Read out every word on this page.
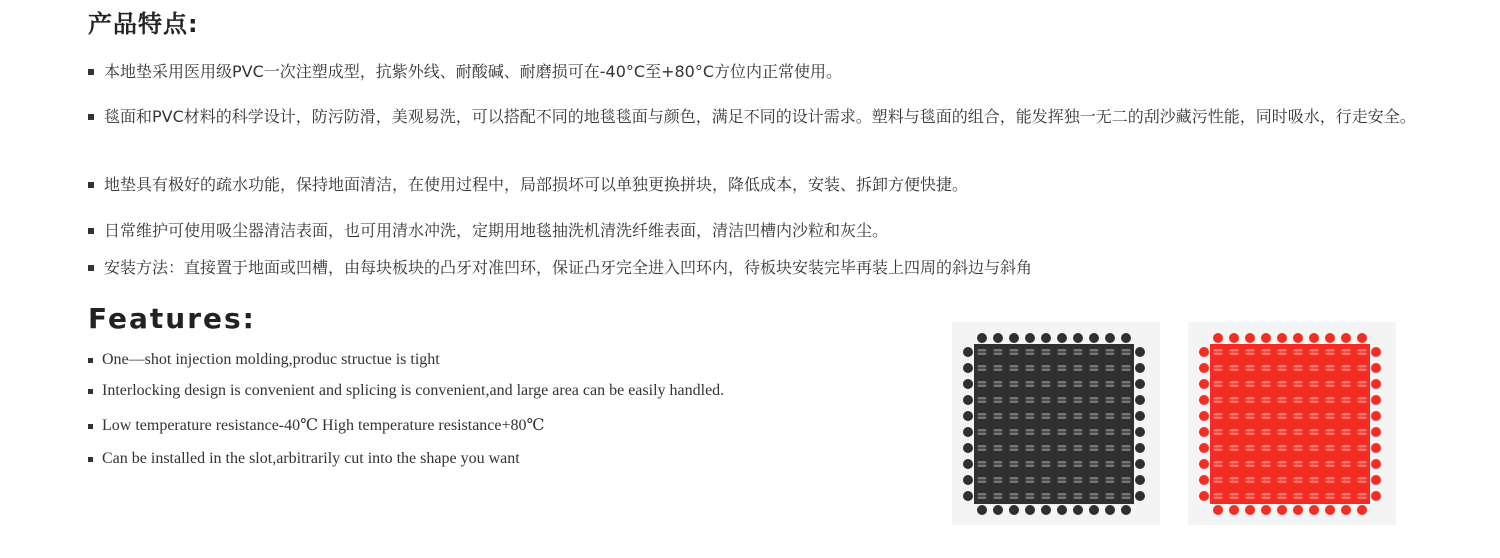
产品特点:
本地垫采用医用级PVC一次注塑成型，抗紫外线、耐酸碱、耐磨损可在-40°C至+80°C方位内正常使用。
毯面和PVC材料的科学设计，防污防滑，美观易洗，可以搭配不同的地毯毯面与颜色，满足不同的设计需求。塑料与毯面的组合，能发挥独一无二的刮沙藏污性能，同时吸水，行走安全。
地垫具有极好的疏水功能，保持地面清洁，在使用过程中，局部损坏可以单独更换拼块，降低成本，安装、拆卸方便快捷。
日常维护可使用吸尘器清洁表面，也可用清水冲洗，定期用地毯抽洗机清洗纤维表面，清洁凹槽内沙粒和灰尘。
安装方法：直接置于地面或凹槽，由每块板块的凸牙对准凹环，保证凸牙完全进入凹环内，待板块安装完毕再装上四周的斜边与斜角
Features:
One—shot injection molding,produc structue is tight
Interlocking design is convenient and splicing is convenient,and large area can be easily handled.
Low temperature resistance-40℃ High temperature resistance+80℃
Can be installed in the slot,arbitrarily cut into the shape you want
